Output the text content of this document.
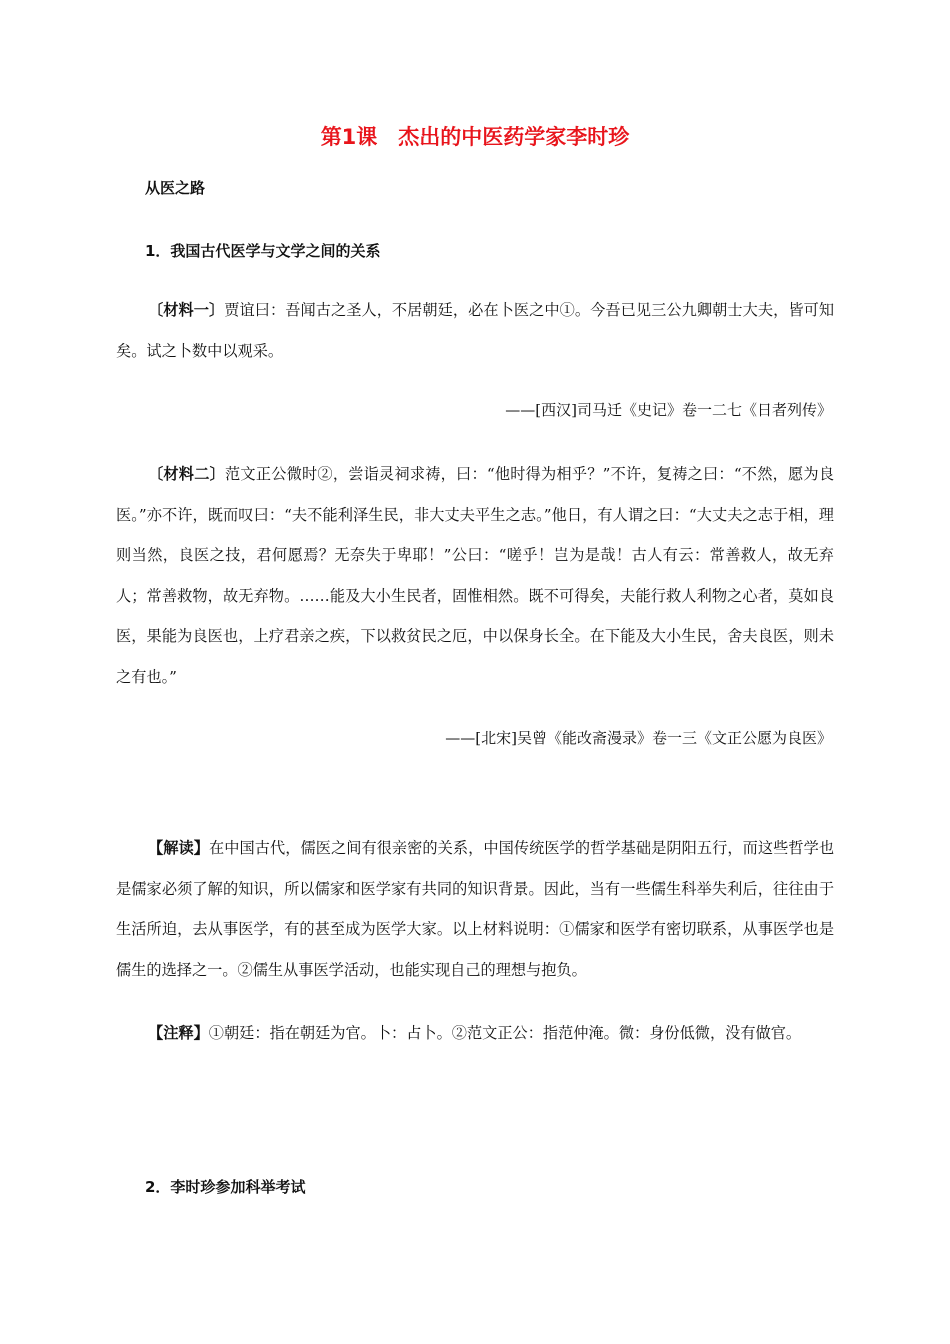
第1课　杰出的中医药学家李时珍
从医之路
1．我国古代医学与文学之间的关系

〔材料一〕贾谊曰：吾闻古之圣人，不居朝廷，必在卜医之中①。今吾已见三公九卿朝士大夫，皆可知矣。试之卜数中以观采。

——[西汉]司马迁《史记》卷一二七《日者列传》

〔材料二〕范文正公微时②，尝诣灵祠求祷，曰：“他时得为相乎？”不许，复祷之曰：“不然，愿为良医。”亦不许，既而叹曰：“夫不能利泽生民，非大丈夫平生之志。”他日，有人谓之曰：“大丈夫之志于相，理则当然，良医之技，君何愿焉？无奈失于卑耶！”公曰：“嗟乎！岂为是哉！古人有云：常善救人，故无弃人；常善救物，故无弃物。……能及大小生民者，固惟相然。既不可得矣，夫能行救人利物之心者，莫如良医，果能为良医也，上疗君亲之疾，下以救贫民之厄，中以保身长全。在下能及大小生民，舍夫良医，则未之有也。”

——[北宋]吴曾《能改斋漫录》卷一三《文正公愿为良医》

【解读】在中国古代，儒医之间有很亲密的关系，中国传统医学的哲学基础是阴阳五行，而这些哲学也是儒家必须了解的知识，所以儒家和医学家有共同的知识背景。因此，当有一些儒生科举失利后，往往由于生活所迫，去从事医学，有的甚至成为医学大家。以上材料说明：①儒家和医学有密切联系，从事医学也是儒生的选择之一。②儒生从事医学活动，也能实现自己的理想与抱负。

【注释】①朝廷：指在朝廷为官。卜：占卜。②范文正公：指范仲淹。微：身份低微，没有做官。

2．李时珍参加科举考试
